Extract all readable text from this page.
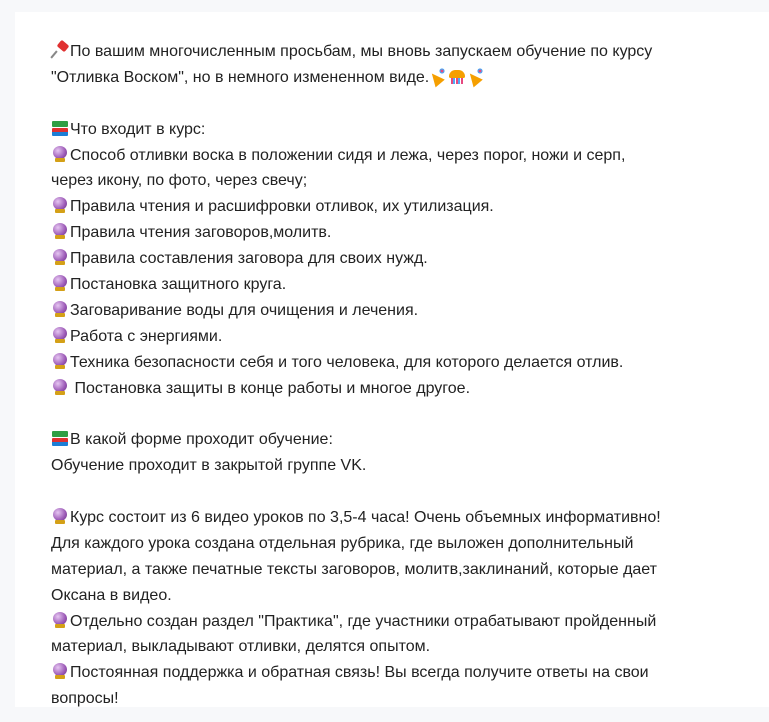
По вашим многочисленным просьбам, мы вновь запускаем обучение по курсу
"Отливка Воском", но в немного измененном виде.
Что входит в курс:
Способ отливки воска в положении сидя и лежа, через порог, ножи и серп,
через икону, по фото, через свечу;
Правила чтения и расшифровки отливок, их утилизация.
Правила чтения заговоров,молитв.
Правила составления заговора для своих нужд.
Постановка защитного круга.
Заговаривание воды для очищения и лечения.
Работа с энергиями.
Техника безопасности себя и того человека, для которого делается отлив.
Постановка защиты в конце работы и многое другое.
В какой форме проходит обучение:
Обучение проходит в закрытой группе VK.
Курс состоит из 6 видео уроков по 3,5-4 часа! Очень объемных информативно!
Для каждого урока создана отдельная рубрика, где выложен дополнительный
материал, а также печатные тексты заговоров, молитв,заклинаний, которые дает
Оксана в видео.
Отдельно создан раздел "Практика", где участники отрабатывают пройденный
материал, выкладывают отливки, делятся опытом.
Постоянная поддержка и обратная связь! Вы всегда получите ответы на свои
вопросы!
